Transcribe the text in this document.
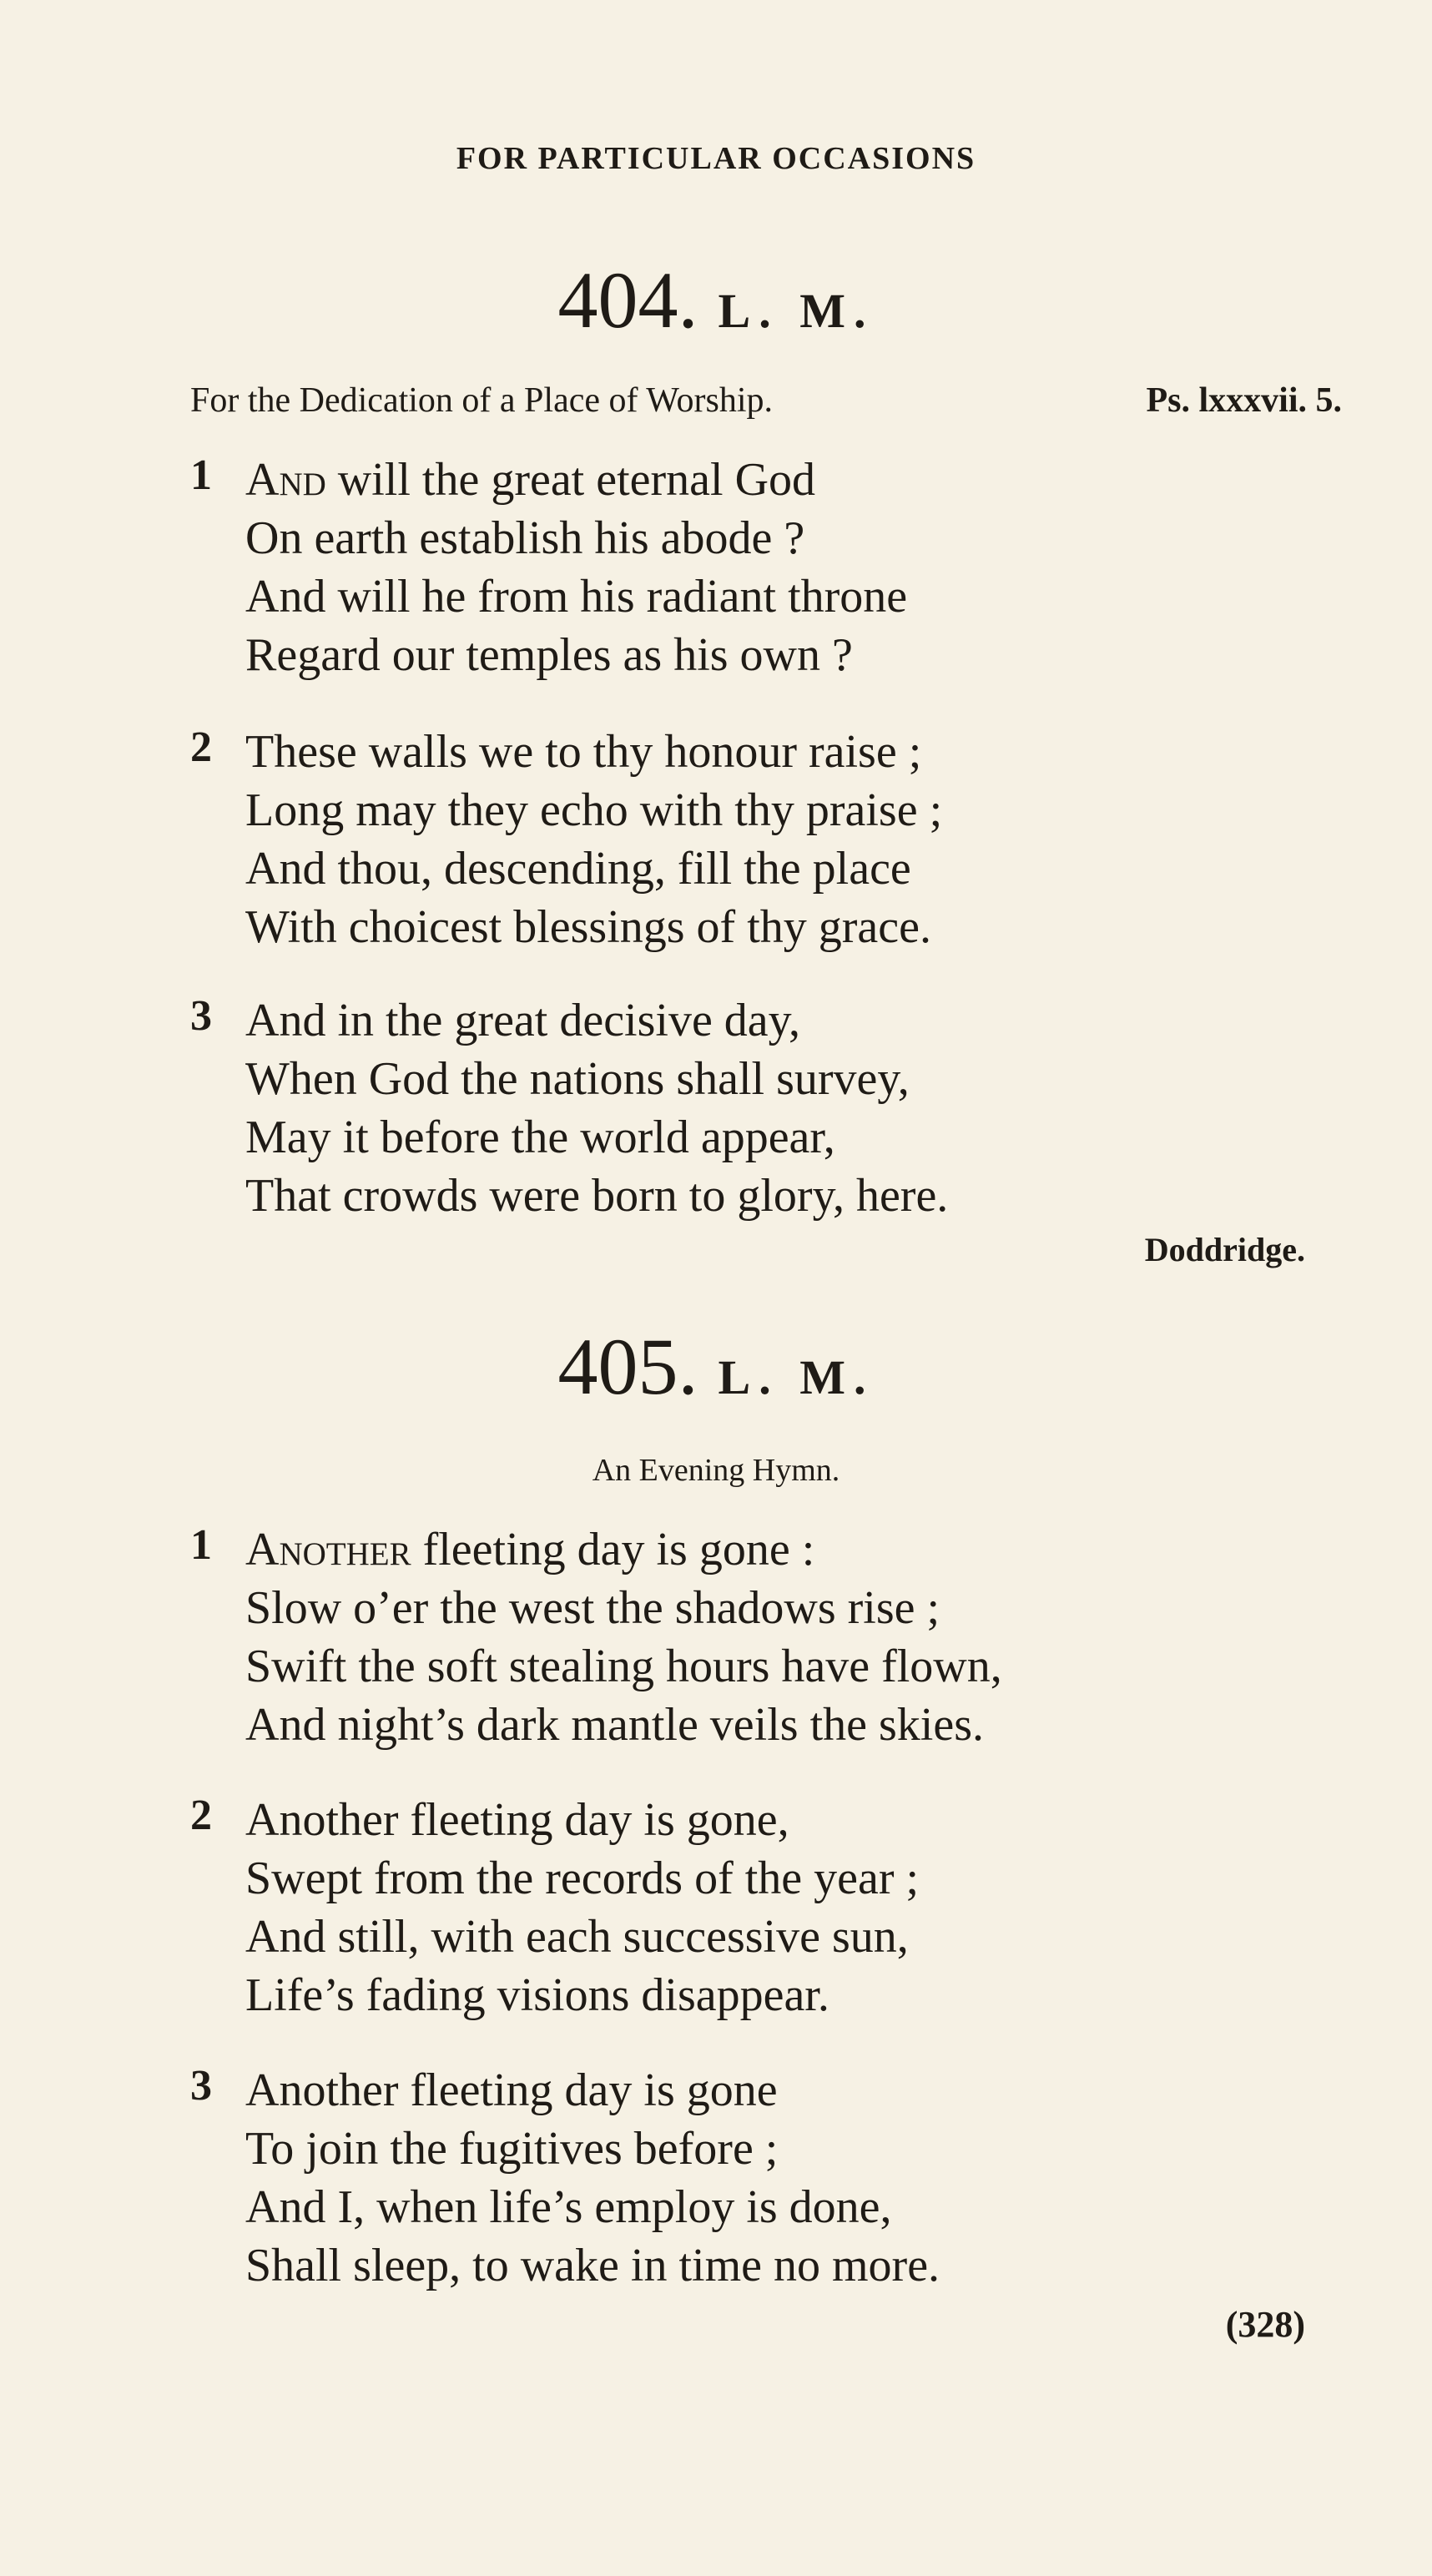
FOR PARTICULAR OCCASIONS
404. L. M.
For the Dedication of a Place of Worship.	Ps. lxxxvii. 5.
1 And will the great eternal God
On earth establish his abode ?
And will he from his radiant throne
Regard our temples as his own ?
2 These walls we to thy honour raise ;
Long may they echo with thy praise ;
And thou, descending, fill the place
With choicest blessings of thy grace.
3 And in the great decisive day,
When God the nations shall survey,
May it before the world appear,
That crowds were born to glory, here.
Doddridge.
405. L. M.
An Evening Hymn.
1 Another fleeting day is gone :
Slow o’er the west the shadows rise ;
Swift the soft stealing hours have flown,
And night’s dark mantle veils the skies.
2 Another fleeting day is gone,
Swept from the records of the year ;
And still, with each successive sun,
Life’s fading visions disappear.
3 Another fleeting day is gone
To join the fugitives before ;
And I, when life’s employ is done,
Shall sleep, to wake in time no more.
(328)
